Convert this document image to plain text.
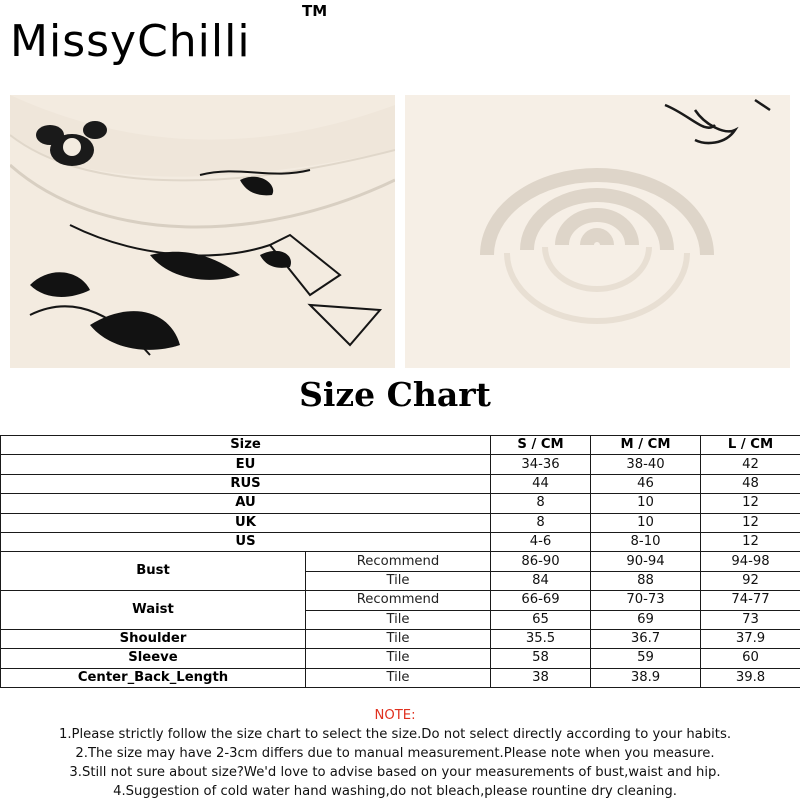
MissyChilli
TM
Size Chart
Size		S / CM	M / CM	L / CM
EU		34-36	38-40	42
RUS		44	46	48
AU		8	10	12
UK		8	10	12
US		4-6	8-10	12
Bust	Recommend	86-90	90-94	94-98
	Tile	84	88	92
Waist	Recommend	66-69	70-73	74-77
	Tile	65	69	73
Shoulder	Tile	35.5	36.7	37.9
Sleeve	Tile	58	59	60
Center_Back_Length	Tile	38	38.9	39.8
NOTE:
1.Please strictly follow the size chart to select the size.Do not select directly according to your habits.
2.The size may have 2-3cm differs due to manual measurement.Please note when you measure.
3.Still not sure about size?We'd love to advise based on your measurements of bust,waist and hip.
4.Suggestion of cold water hand washing,do not bleach,please rountine dry cleaning.
